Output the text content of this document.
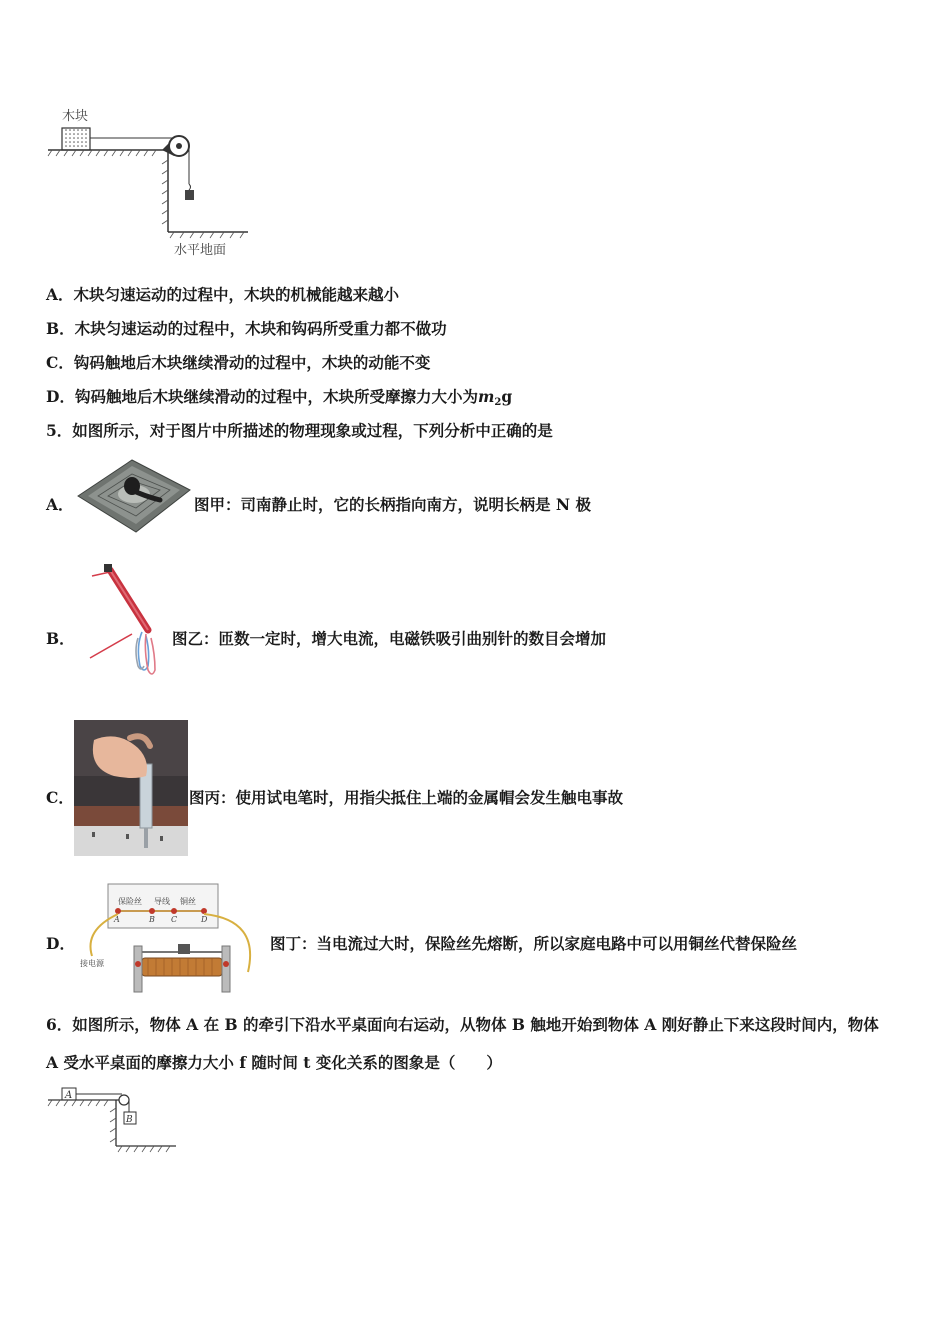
木块
水平地面
A．木块匀速运动的过程中，木块的机械能越来越小
B．木块匀速运动的过程中，木块和钩码所受重力都不做功
C．钩码触地后木块继续滑动的过程中，木块的动能不变
D．钩码触地后木块继续滑动的过程中，木块所受摩擦力大小为$m_2g$
5．如图所示，对于图片中所描述的物理现象或过程，下列分析中正确的是
A．	图甲：司南静止时，它的长柄指向南方，说明长柄是 N 极
B．	图乙：匝数一定时，增大电流，电磁铁吸引曲别针的数目会增加
C．	图丙：使用试电笔时，用指尖抵住上端的金属帽会发生触电事故
D．
保险丝 导线 铜丝
A	B C	D
接电源
图丁：当电流过大时，保险丝先熔断，所以家庭电路中可以用铜丝代替保险丝
6．如图所示，物体 A 在 B 的牵引下沿水平桌面向右运动，从物体 B 触地开始到物体 A 刚好静止下来这段时间内，物体
A 受水平桌面的摩擦力大小 f 随时间 t 变化关系的图象是（　　）
A
B
